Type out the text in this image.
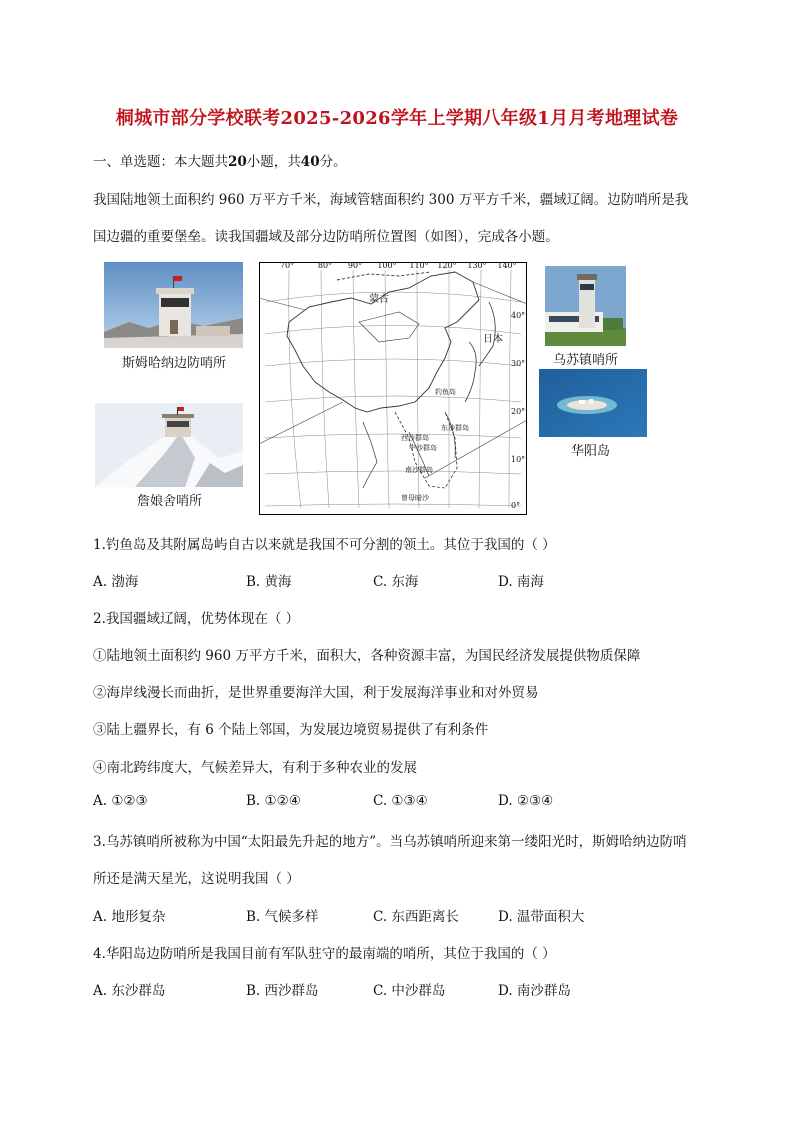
桐城市部分学校联考2025-2026学年上学期八年级1月月考地理试卷
一、单选题：本大题共20小题，共40分。
我国陆地领土面积约 960 万平方千米，海域管辖面积约 300 万平方千米，疆域辽阔。边防哨所是我
国边疆的重要堡垒。读我国疆域及部分边防哨所位置图（如图），完成各小题。
斯姆哈纳边防哨所
詹娘舍哨所
乌苏镇哨所
华阳岛
70°	80° 90° 100° 110° 120° 130° 140°
40°
30°
20°
10°
0°
蒙古
日本
钓鱼岛
东沙群岛
西沙群岛
中沙群岛
南沙群岛
曾母暗沙
1.钓鱼岛及其附属岛屿自古以来就是我国不可分割的领土。其位于我国的（ ）
A. 渤海	B. 黄海	C. 东海	D. 南海
2.我国疆域辽阔，优势体现在（ ）
①陆地领土面积约 960 万平方千米，面积大，各种资源丰富，为国民经济发展提供物质保障
②海岸线漫长而曲折，是世界重要海洋大国，利于发展海洋事业和对外贸易
③陆上疆界长，有 6 个陆上邻国，为发展边境贸易提供了有利条件
④南北跨纬度大，气候差异大，有利于多种农业的发展
A. ①②③	B. ①②④	C. ①③④	D. ②③④
3.乌苏镇哨所被称为中国“太阳最先升起的地方”。当乌苏镇哨所迎来第一缕阳光时，斯姆哈纳边防哨
所还是满天星光，这说明我国（ ）
A. 地形复杂	B. 气候多样	C. 东西距离长	D. 温带面积大
4.华阳岛边防哨所是我国目前有军队驻守的最南端的哨所，其位于我国的（ ）
A. 东沙群岛	B. 西沙群岛	C. 中沙群岛	D. 南沙群岛
